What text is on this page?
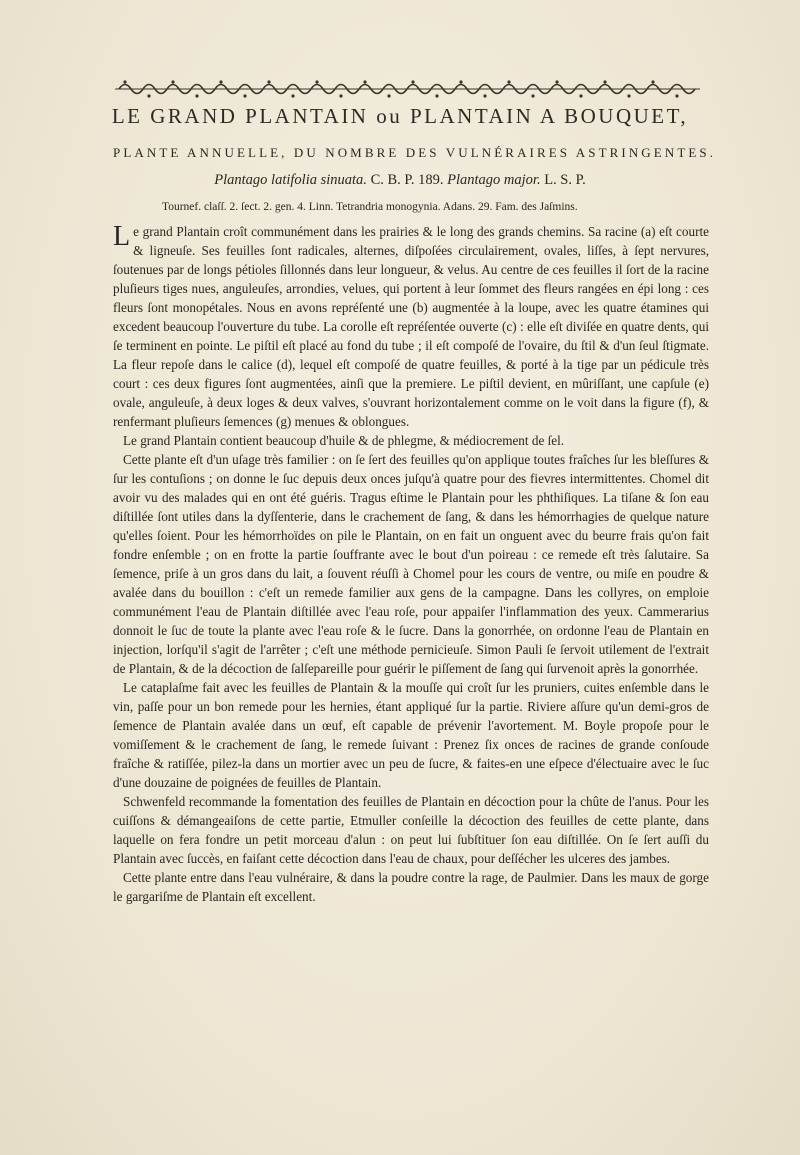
LE GRAND PLANTAIN ou PLANTAIN A BOUQUET,
PLANTE ANNUELLE, DU NOMBRE DES VULNÉRAIRES ASTRINGENTES.
Plantago latifolia sinuata. C. B. P. 189. Plantago major. L. S. P.
Tournef. claſſ. 2. ſect. 2. gen. 4. Linn. Tetrandria monogynia. Adans. 29. Fam. des Jaſmins.

Le grand Plantain croît communément dans les prairies & le long des grands chemins. Sa racine (a) eſt courte & ligneuſe. Ses feuilles ſont radicales, alternes, diſpoſées circulairement, ovales, liſſes, à ſept nervures, ſoutenues par de longs pétioles ſillonnés dans leur longueur, & velus. Au centre de ces feuilles il ſort de la racine pluſieurs tiges nues, anguleuſes, arrondies, velues, qui portent à leur ſommet des fleurs rangées en épi long : ces fleurs ſont monopétales. Nous en avons repréſenté une (b) augmentée à la loupe, avec les quatre étamines qui excedent beaucoup l'ouverture du tube. La corolle eſt repréſentée ouverte (c) : elle eſt diviſée en quatre dents, qui ſe terminent en pointe. Le piſtil eſt placé au fond du tube ; il eſt compoſé de l'ovaire, du ſtil & d'un ſeul ſtigmate. La fleur repoſe dans le calice (d), lequel eſt compoſé de quatre feuilles, & porté à la tige par un pédicule très court : ces deux figures ſont augmentées, ainſi que la premiere. Le piſtil devient, en mûriſſant, une capſule (e) ovale, anguleuſe, à deux loges & deux valves, s'ouvrant horizontalement comme on le voit dans la figure (f), & renfermant pluſieurs ſemences (g) menues & oblongues.

Le grand Plantain contient beaucoup d'huile & de phlegme, & médiocrement de ſel.

Cette plante eſt d'un uſage très familier : on ſe ſert des feuilles qu'on applique toutes fraîches ſur les bleſſures & ſur les contuſions ; on donne le ſuc depuis deux onces juſqu'à quatre pour des fievres intermittentes. Chomel dit avoir vu des malades qui en ont été guéris. Tragus eſtime le Plantain pour les phthiſiques. La tiſane & ſon eau diſtillée ſont utiles dans la dyſſenterie, dans le crachement de ſang, & dans les hémorrhagies de quelque nature qu'elles ſoient. Pour les hémorrhoïdes on pile le Plantain, on en fait un onguent avec du beurre frais qu'on fait fondre enſemble ; on en frotte la partie ſouffrante avec le bout d'un poireau : ce remede eſt très ſalutaire. Sa ſemence, priſe à un gros dans du lait, a ſouvent réuſſi à Chomel pour les cours de ventre, ou miſe en poudre & avalée dans du bouillon : c'eſt un remede familier aux gens de la campagne. Dans les collyres, on emploie communément l'eau de Plantain diſtillée avec l'eau roſe, pour appaiſer l'inflammation des yeux. Cammerarius donnoit le ſuc de toute la plante avec l'eau roſe & le ſucre. Dans la gonorrhée, on ordonne l'eau de Plantain en injection, lorſqu'il s'agit de l'arrêter ; c'eſt une méthode pernicieuſe. Simon Pauli ſe ſervoit utilement de l'extrait de Plantain, & de la décoction de ſalſepareille pour guérir le piſſement de ſang qui ſurvenoit après la gonorrhée.

Le cataplaſme fait avec les feuilles de Plantain & la mouſſe qui croît ſur les pruniers, cuites enſemble dans le vin, paſſe pour un bon remede pour les hernies, étant appliqué ſur la partie. Riviere aſſure qu'un demi-gros de ſemence de Plantain avalée dans un œuf, eſt capable de prévenir l'avortement. M. Boyle propoſe pour le vomiſſement & le crachement de ſang, le remede ſuivant : Prenez ſix onces de racines de grande conſoude fraîche & ratiſſée, pilez-la dans un mortier avec un peu de ſucre, & faites-en une eſpece d'électuaire avec le ſuc d'une douzaine de poignées de feuilles de Plantain.

Schwenfeld recommande la fomentation des feuilles de Plantain en décoction pour la chûte de l'anus. Pour les cuiſſons & démangeaiſons de cette partie, Etmuller conſeille la décoction des feuilles de cette plante, dans laquelle on fera fondre un petit morceau d'alun : on peut lui ſubſtituer ſon eau diſtillée. On ſe ſert auſſi du Plantain avec ſuccès, en faiſant cette décoction dans l'eau de chaux, pour deſſécher les ulceres des jambes.

Cette plante entre dans l'eau vulnéraire, & dans la poudre contre la rage, de Paulmier. Dans les maux de gorge le gargariſme de Plantain eſt excellent.
